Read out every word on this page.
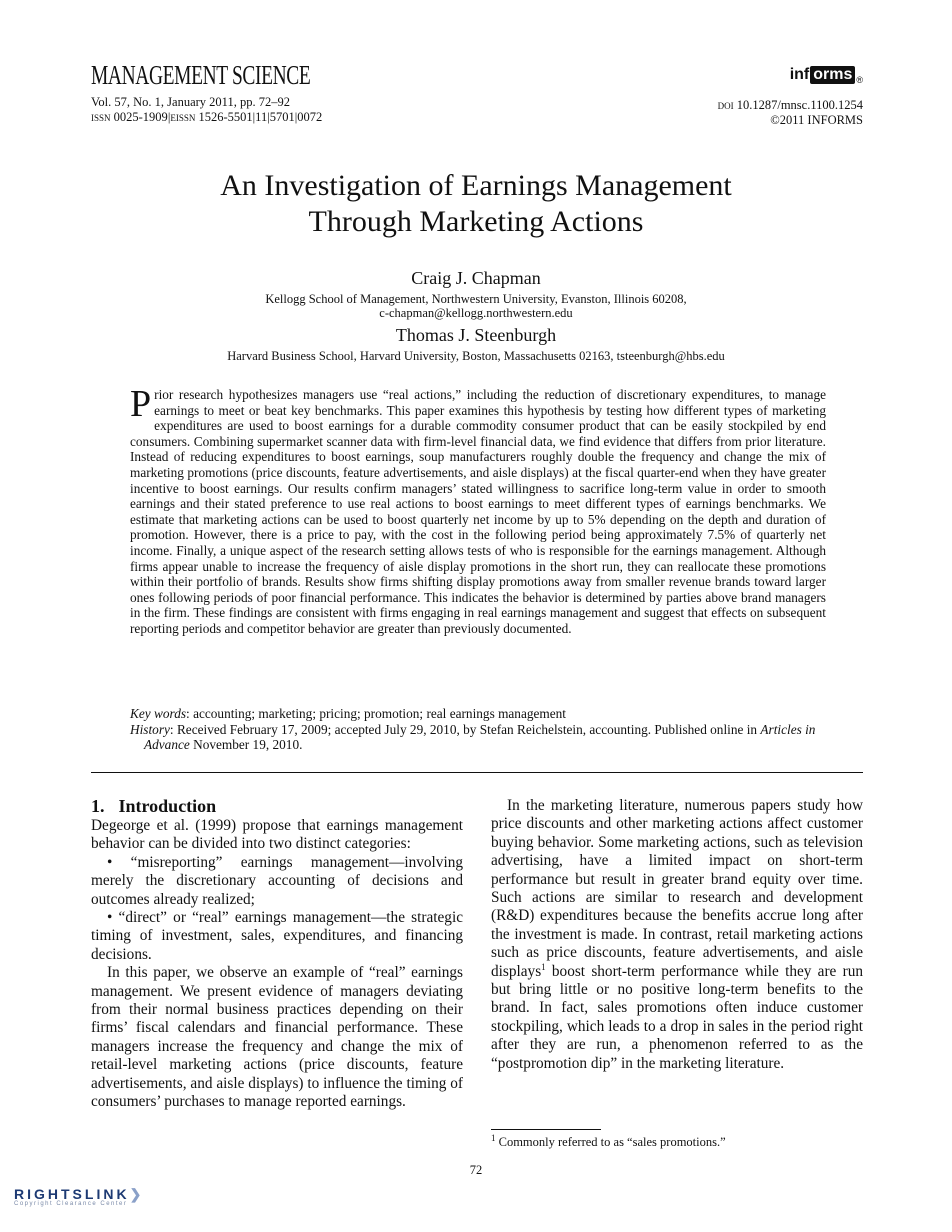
MANAGEMENT SCIENCE	inf orms ®
Vol. 57, No. 1, January 2011, pp. 72–92
issn 0025-1909|eissn 1526-5501|11|5701|0072
doi 10.1287/mnsc.1100.1254
©2011 INFORMS
An Investigation of Earnings Management
Through Marketing Actions
Craig J. Chapman
Kellogg School of Management, Northwestern University, Evanston, Illinois 60208,
c-chapman@kellogg.northwestern.edu
Thomas J. Steenburgh
Harvard Business School, Harvard University, Boston, Massachusetts 02163, tsteenburgh@hbs.edu
Prior research hypothesizes managers use “real actions,” including the reduction of discretionary expenditures, to manage earnings to meet or beat key benchmarks. This paper examines this hypothesis by testing how different types of marketing expenditures are used to boost earnings for a durable commodity consumer product that can be easily stockpiled by end consumers. Combining supermarket scanner data with firm-level financial data, we find evidence that differs from prior literature. Instead of reducing expenditures to boost earnings, soup manufacturers roughly double the frequency and change the mix of marketing promotions (price discounts, feature advertisements, and aisle displays) at the fiscal quarter-end when they have greater incentive to boost earnings. Our results confirm managers’ stated willingness to sacrifice long-term value in order to smooth earnings and their stated preference to use real actions to boost earnings to meet different types of earnings benchmarks. We estimate that marketing actions can be used to boost quarterly net income by up to 5% depending on the depth and duration of promotion. However, there is a price to pay, with the cost in the following period being approximately 7.5% of quarterly net income. Finally, a unique aspect of the research setting allows tests of who is responsible for the earnings management. Although firms appear unable to increase the frequency of aisle display promotions in the short run, they can reallocate these promotions within their portfolio of brands. Results show firms shifting display promotions away from smaller revenue brands toward larger ones following periods of poor financial performance. This indicates the behavior is determined by parties above brand managers in the firm. These findings are consistent with firms engaging in real earnings management and suggest that effects on subsequent reporting periods and competitor behavior are greater than previously documented.
Key words: accounting; marketing; pricing; promotion; real earnings management
History: Received February 17, 2009; accepted July 29, 2010, by Stefan Reichelstein, accounting. Published online in Articles in Advance November 19, 2010.
1. Introduction

Degeorge et al. (1999) propose that earnings management behavior can be divided into two distinct categories:

• “misreporting” earnings management—involving merely the discretionary accounting of decisions and outcomes already realized;

• “direct” or “real” earnings management—the strategic timing of investment, sales, expenditures, and financing decisions.

In this paper, we observe an example of “real” earnings management. We present evidence of managers deviating from their normal business practices depending on their firms’ fiscal calendars and financial performance. These managers increase the frequency and change the mix of retail-level marketing actions (price discounts, feature advertisements, and aisle displays) to influence the timing of consumers’ purchases to manage reported earnings.

In the marketing literature, numerous papers study how price discounts and other marketing actions affect customer buying behavior. Some marketing actions, such as television advertising, have a limited impact on short-term performance but result in greater brand equity over time. Such actions are similar to research and development (R&D) expenditures because the benefits accrue long after the investment is made. In contrast, retail marketing actions such as price discounts, feature advertisements, and aisle displays$^1$ boost short-term performance while they are run but bring little or no positive long-term benefits to the brand. In fact, sales promotions often induce customer stockpiling, which leads to a drop in sales in the period right after they are run, a phenomenon referred to as the “postpromotion dip” in the marketing literature.

$^1$ Commonly referred to as “sales promotions.”
72
RIGHTSLINK❯
Copyright Clearance Center
